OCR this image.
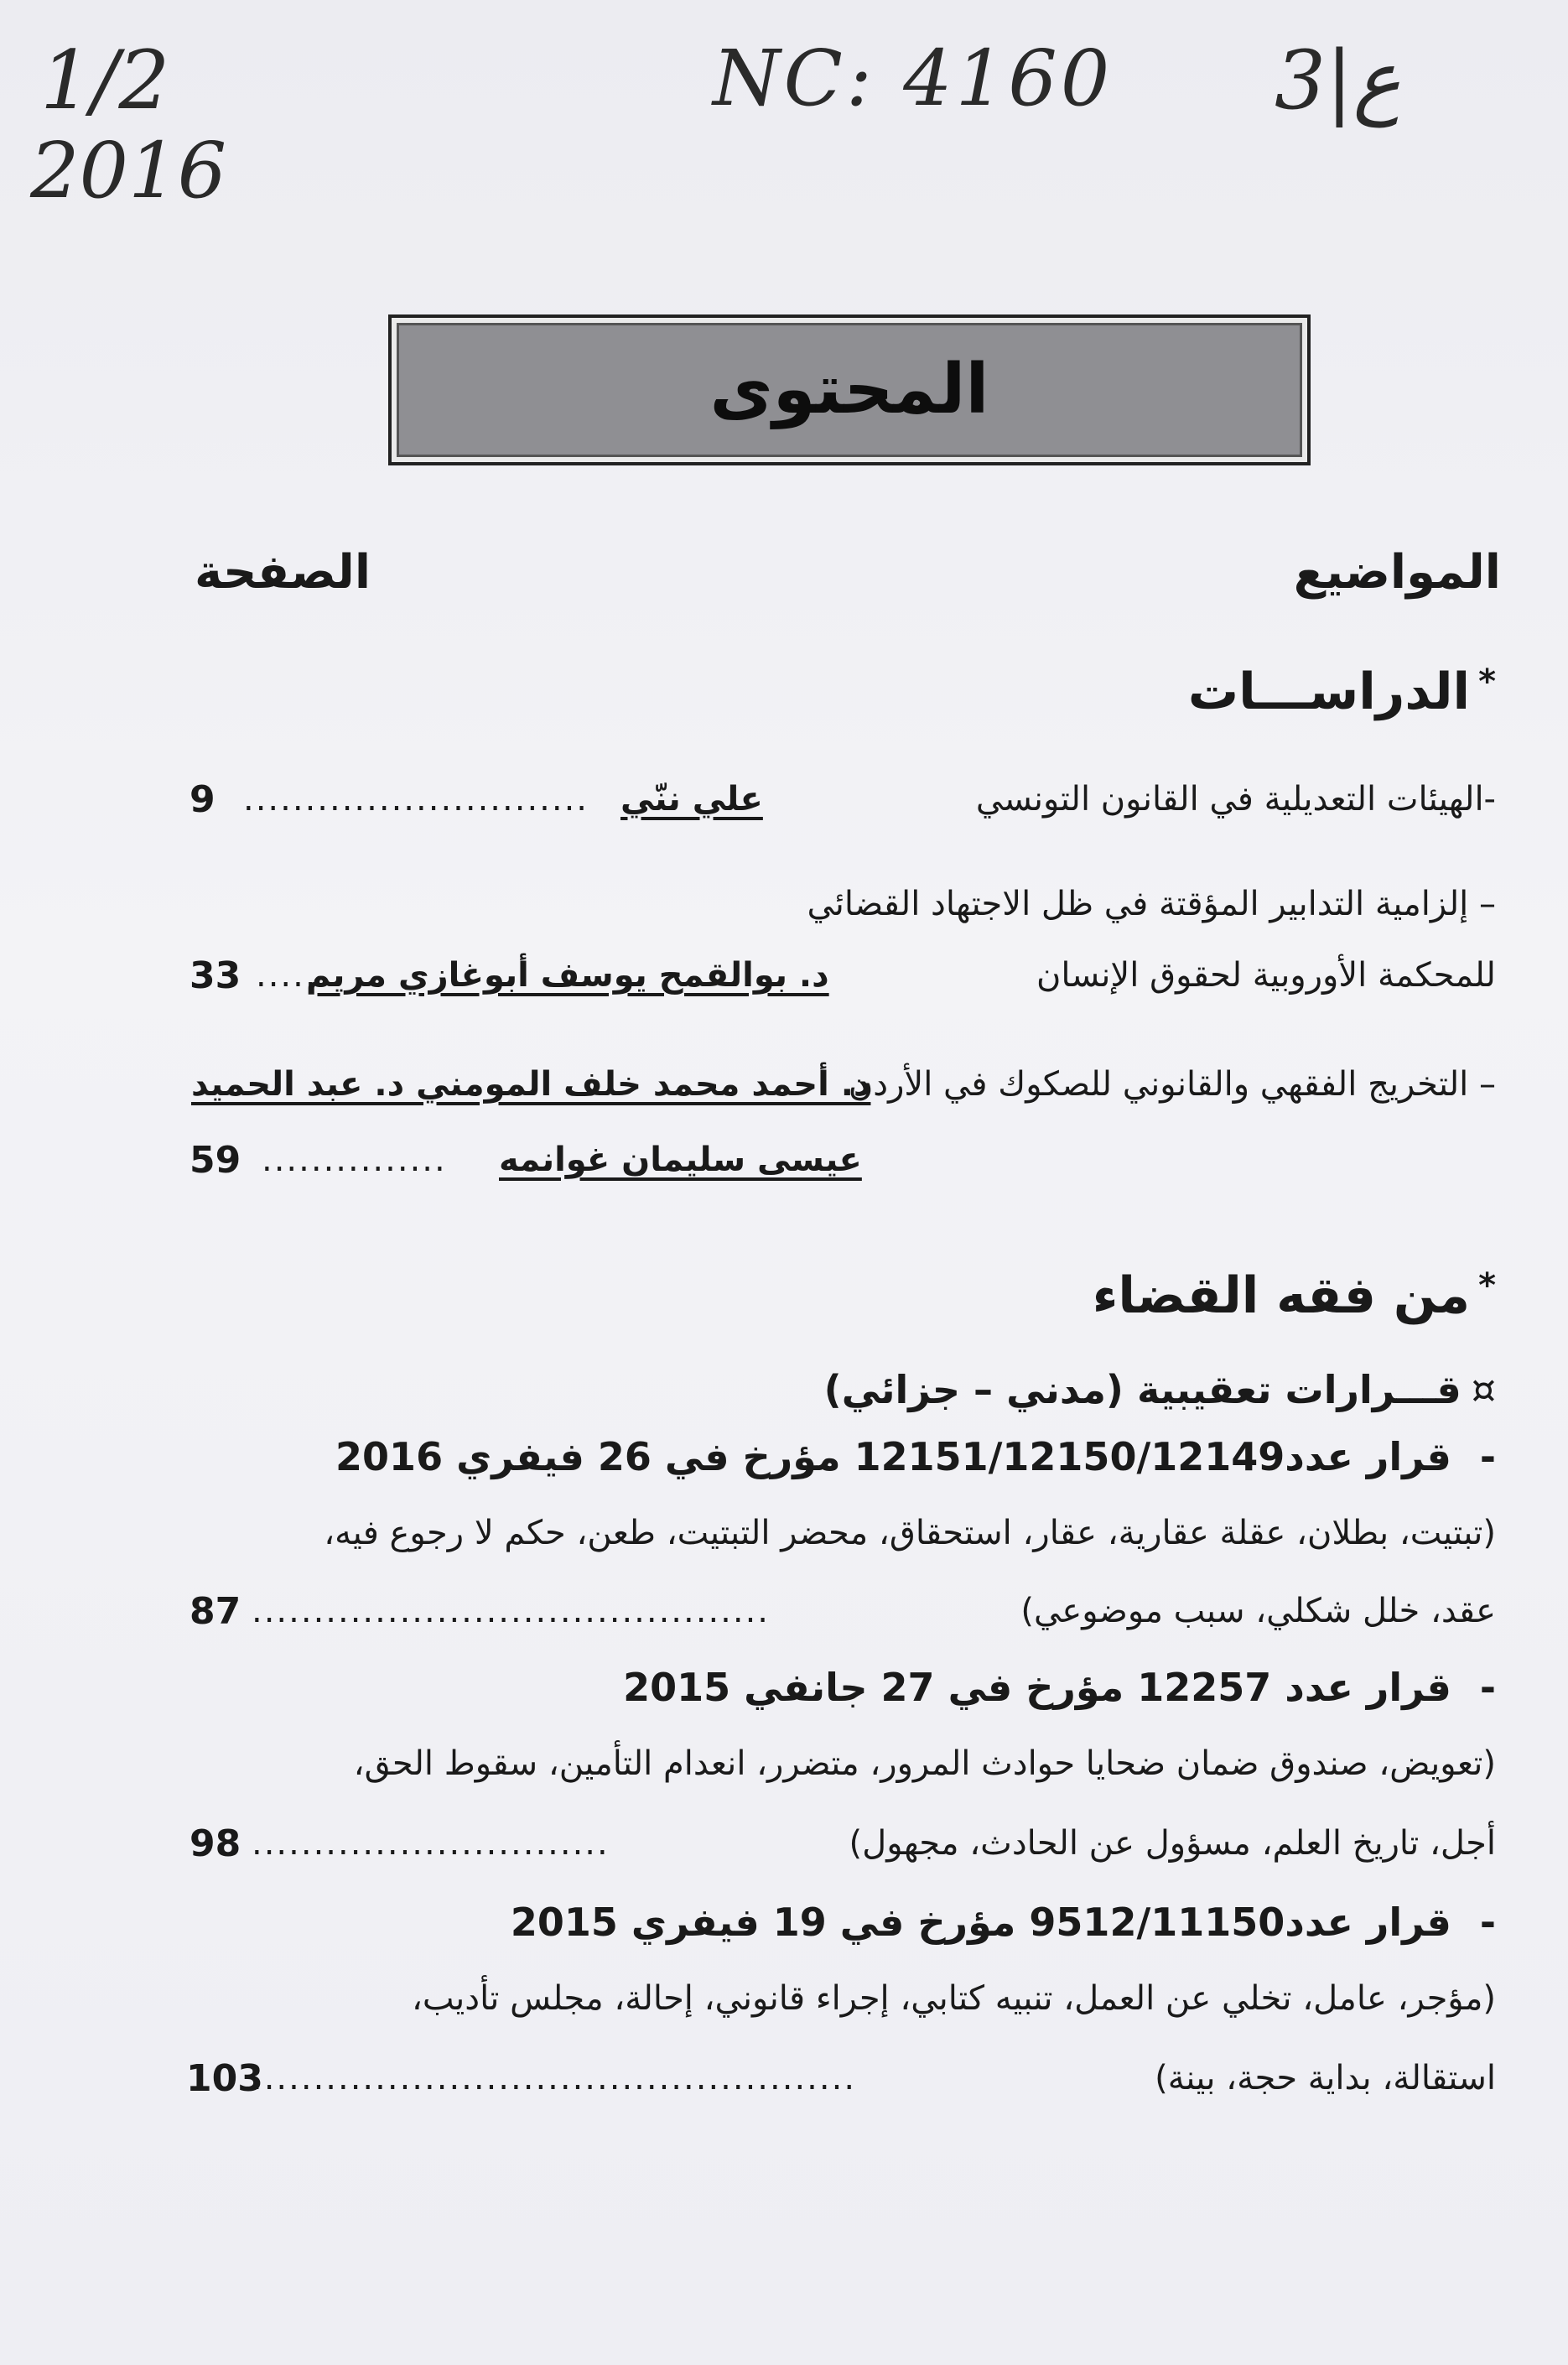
1/2
2016
NC: 4160 3|ع
المحتوى
المواضيع
الصفحة
*الدراســـات
-الهيئات التعديلية في القانون التونسي
علي ننّي
............................
9
– إلزامية التدابير المؤقتة في ظل الاجتهاد القضائي
للمحكمة الأوروبية لحقوق الإنسان
د. بوالقمح يوسف أبوغازي مريم
.....
33
– التخريج الفقهي والقانوني للصكوك في الأردن
د. أحمد محمد خلف المومني د. عبد الحميد
عيسى سليمان غوانمه
...............
59
*من فقه القضاء
¤قـــرارات تعقيبية (مدني – جزائي)
-قرار عدد12151/12150/12149 مؤرخ في 26 فيفري 2016
(تبتيت، بطلان، عقلة عقارية، عقار، استحقاق، محضر التبتيت، طعن، حكم لا رجوع فيه،
عقد، خلل شكلي، سبب موضوعي)
..........................................
87
-قرار عدد 12257 مؤرخ في 27 جانفي 2015
(تعويض، صندوق ضمان ضحايا حوادث المرور، متضرر، انعدام التأمين، سقوط الحق،
أجل، تاريخ العلم، مسؤول عن الحادث، مجهول)
.............................
98
-قرار عدد9512/11150 مؤرخ في 19 فيفري 2015
(مؤجر، عامل، تخلي عن العمل، تنبيه كتابي، إجراء قانوني، إحالة، مجلس تأديب،
استقالة، بداية حجة، بينة)
.................................................
103
